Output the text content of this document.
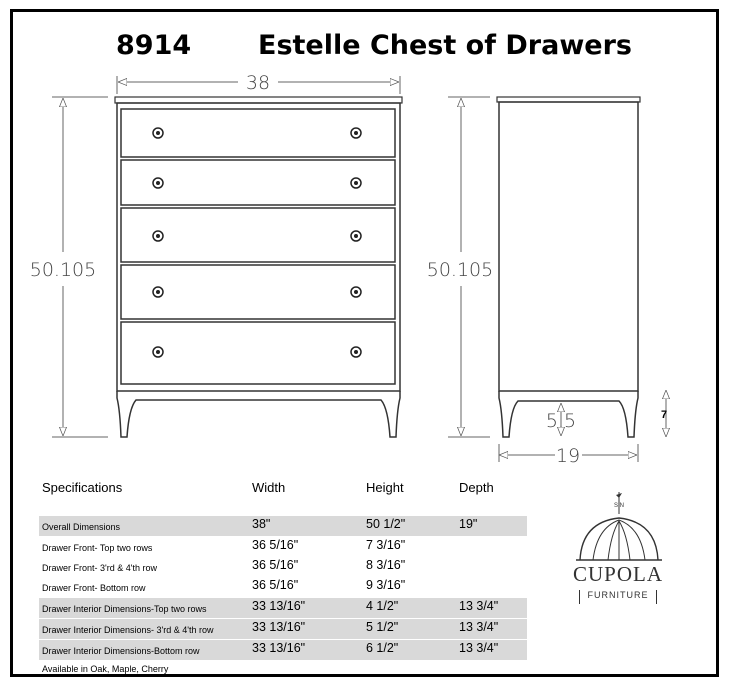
8914 Estelle Chest of Drawers
38
50.105	50.105
5.5	7
19
Specifications	Width	Height	Depth
Overall Dimensions	38"	50 1/2"	19"
Drawer Front- Top two rows	36 5/16"	7 3/16"
Drawer Front- 3'rd & 4'th row	36 5/16"	8 3/16"
Drawer Front- Bottom row	36 5/16"	9 3/16"
Drawer Interior Dimensions-Top two rows	33 13/16"	4 1/2"	13 3/4"
Drawer Interior Dimensions- 3'rd & 4'th row	33 13/16"	5 1/2"	13 3/4"
Drawer Interior Dimensions-Bottom row	33 13/16"	6 1/2"	13 3/4"
Available in Oak, Maple, Cherry
S N
CUPOLA
FURNITURE
